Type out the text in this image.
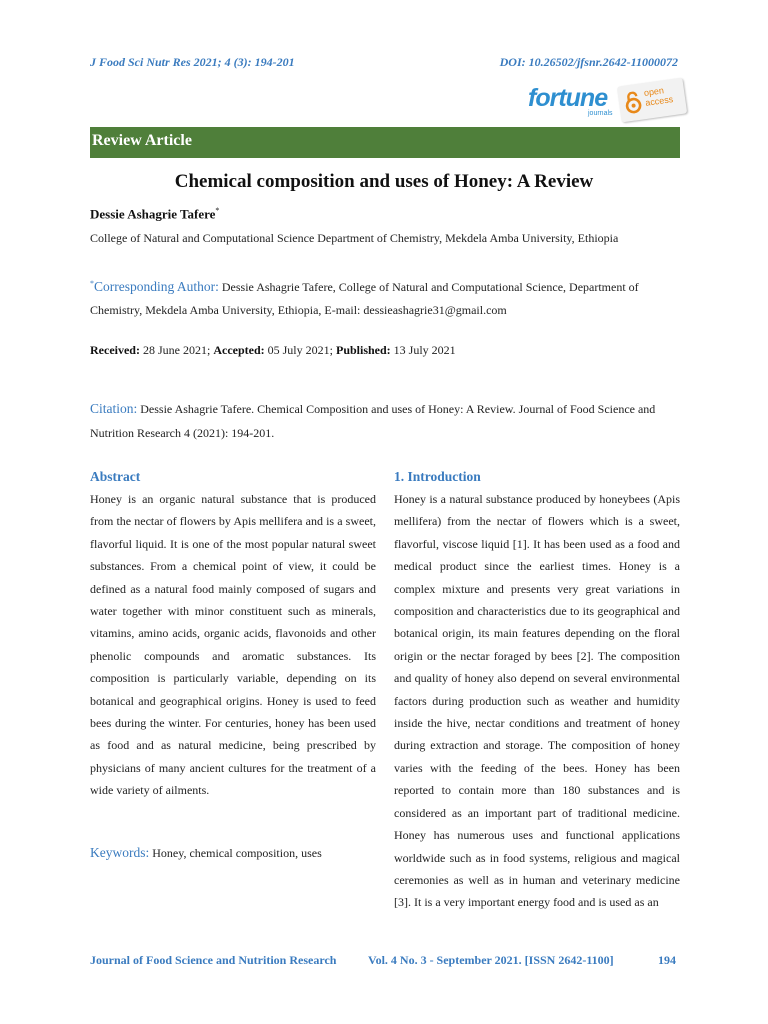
J Food Sci Nutr Res 2021; 4 (3): 194-201	DOI: 10.26502/jfsnr.2642-11000072
fortune
journals
open
access
Review Article
Chemical composition and uses of Honey: A Review
Dessie Ashagrie Tafere*
College of Natural and Computational Science Department of Chemistry, Mekdela Amba University, Ethiopia
*Corresponding Author: Dessie Ashagrie Tafere, College of Natural and Computational Science, Department of Chemistry, Mekdela Amba University, Ethiopia, E-mail: dessieashagrie31@gmail.com
Received: 28 June 2021; Accepted: 05 July 2021; Published: 13 July 2021
Citation: Dessie Ashagrie Tafere. Chemical Composition and uses of Honey: A Review. Journal of Food Science and Nutrition Research 4 (2021): 194-201.
Abstract
Honey is an organic natural substance that is produced from the nectar of flowers by Apis mellifera and is a sweet, flavorful liquid. It is one of the most popular natural sweet substances. From a chemical point of view, it could be defined as a natural food mainly composed of sugars and water together with minor constituent such as minerals, vitamins, amino acids, organic acids, flavonoids and other phenolic compounds and aromatic substances. Its composition is particularly variable, depending on its botanical and geographical origins. Honey is used to feed bees during the winter. For centuries, honey has been used as food and as natural medicine, being prescribed by physicians of many ancient cultures for the treatment of a wide variety of ailments.
Keywords: Honey, chemical composition, uses
1. Introduction
Honey is a natural substance produced by honeybees (Apis mellifera) from the nectar of flowers which is a sweet, flavorful, viscose liquid [1]. It has been used as a food and medical product since the earliest times. Honey is a complex mixture and presents very great variations in composition and characteristics due to its geographical and botanical origin, its main features depending on the floral origin or the nectar foraged by bees [2]. The composition and quality of honey also depend on several environmental factors during production such as weather and humidity inside the hive, nectar conditions and treatment of honey during extraction and storage. The composition of honey varies with the feeding of the bees. Honey has been reported to contain more than 180 substances and is considered as an important part of traditional medicine. Honey has numerous uses and functional applications worldwide such as in food systems, religious and magical ceremonies as well as in human and veterinary medicine [3]. It is a very important energy food and is used as an
Journal of Food Science and Nutrition Research	Vol. 4 No. 3 - September 2021. [ISSN 2642-1100]	194
